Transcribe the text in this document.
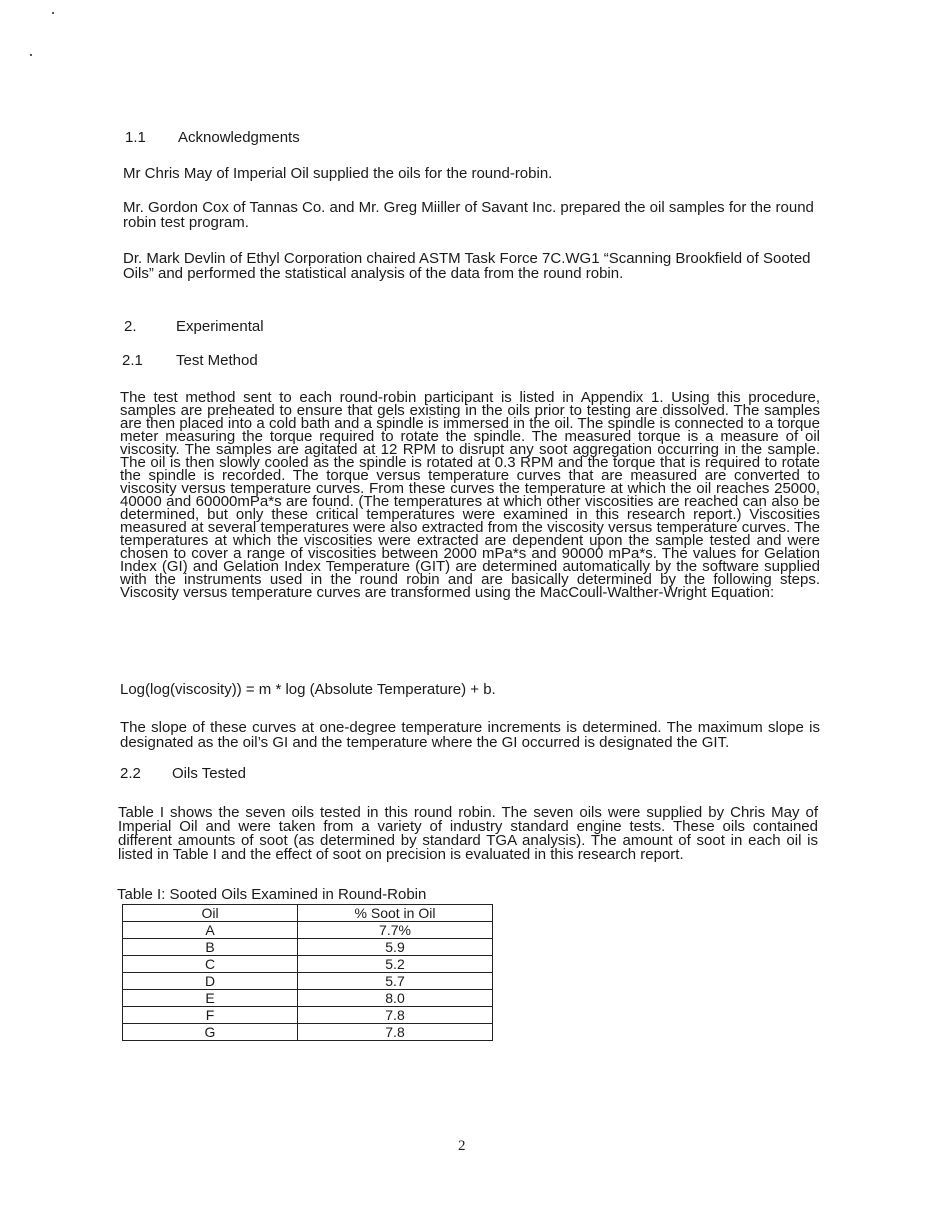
1.1 Acknowledgments
Mr Chris May of Imperial Oil supplied the oils for the round-robin.
Mr. Gordon Cox of Tannas Co. and Mr. Greg Miiller of Savant Inc. prepared the oil samples for the round robin test program.
Dr. Mark Devlin of Ethyl Corporation chaired ASTM Task Force 7C.WG1 “Scanning Brookfield of Sooted Oils” and performed the statistical analysis of the data from the round robin.
2.	Experimental
2.1 Test Method
The test method sent to each round-robin participant is listed in Appendix 1. Using this procedure, samples are preheated to ensure that gels existing in the oils prior to testing are dissolved. The samples are then placed into a cold bath and a spindle is immersed in the oil. The spindle is connected to a torque meter measuring the torque required to rotate the spindle. The measured torque is a measure of oil viscosity. The samples are agitated at 12 RPM to disrupt any soot aggregation occurring in the sample. The oil is then slowly cooled as the spindle is rotated at 0.3 RPM and the torque that is required to rotate the spindle is recorded. The torque versus temperature curves that are measured are converted to viscosity versus temperature curves. From these curves the temperature at which the oil reaches 25000, 40000 and 60000mPa*s are found. (The temperatures at which other viscosities are reached can also be determined, but only these critical temperatures were examined in this research report.) Viscosities measured at several temperatures were also extracted from the viscosity versus temperature curves. The temperatures at which the viscosities were extracted are dependent upon the sample tested and were chosen to cover a range of viscosities between 2000 mPa*s and 90000 mPa*s. The values for Gelation Index (GI) and Gelation Index Temperature (GIT) are determined automatically by the software supplied with the instruments used in the round robin and are basically determined by the following steps. Viscosity versus temperature curves are transformed using the MacCoull-Walther-Wright Equation:
Log(log(viscosity)) = m * log (Absolute Temperature) + b.
The slope of these curves at one-degree temperature increments is determined. The maximum slope is designated as the oil’s GI and the temperature where the GI occurred is designated the GIT.
2.2 Oils Tested
Table I shows the seven oils tested in this round robin. The seven oils were supplied by Chris May of Imperial Oil and were taken from a variety of industry standard engine tests. These oils contained different amounts of soot (as determined by standard TGA analysis). The amount of soot in each oil is listed in Table I and the effect of soot on precision is evaluated in this research report.
Table I: Sooted Oils Examined in Round-Robin
Oil	% Soot in Oil
A	7.7%
B	5.9
C	5.2
D	5.7
E	8.0
F	7.8
G	7.8
2
